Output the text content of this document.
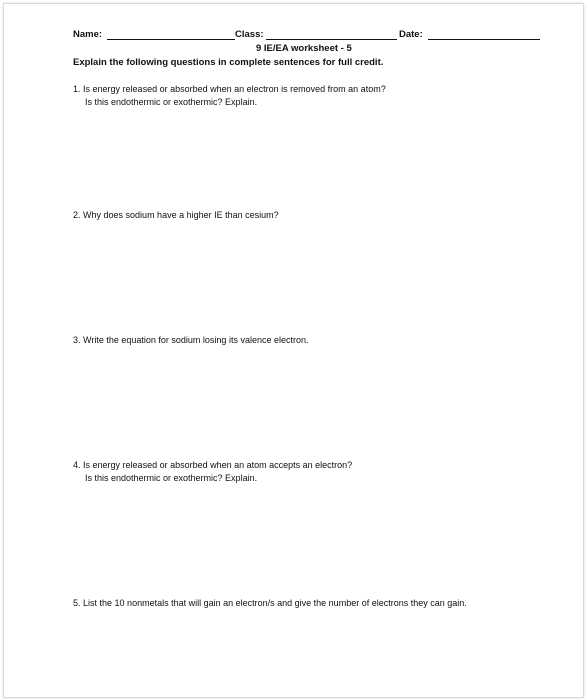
Name:	Class:	Date:
9 IE/EA worksheet - 5
Explain the following questions in complete sentences for full credit.
1. Is energy released or absorbed when an electron is removed from an atom?
Is this endothermic or exothermic? Explain.
2. Why does sodium have a higher IE than cesium?
3. Write the equation for sodium losing its valence electron.
4. Is energy released or absorbed when an atom accepts an electron?
Is this endothermic or exothermic? Explain.
5. List the 10 nonmetals that will gain an electron/s and give the number of electrons they can gain.
